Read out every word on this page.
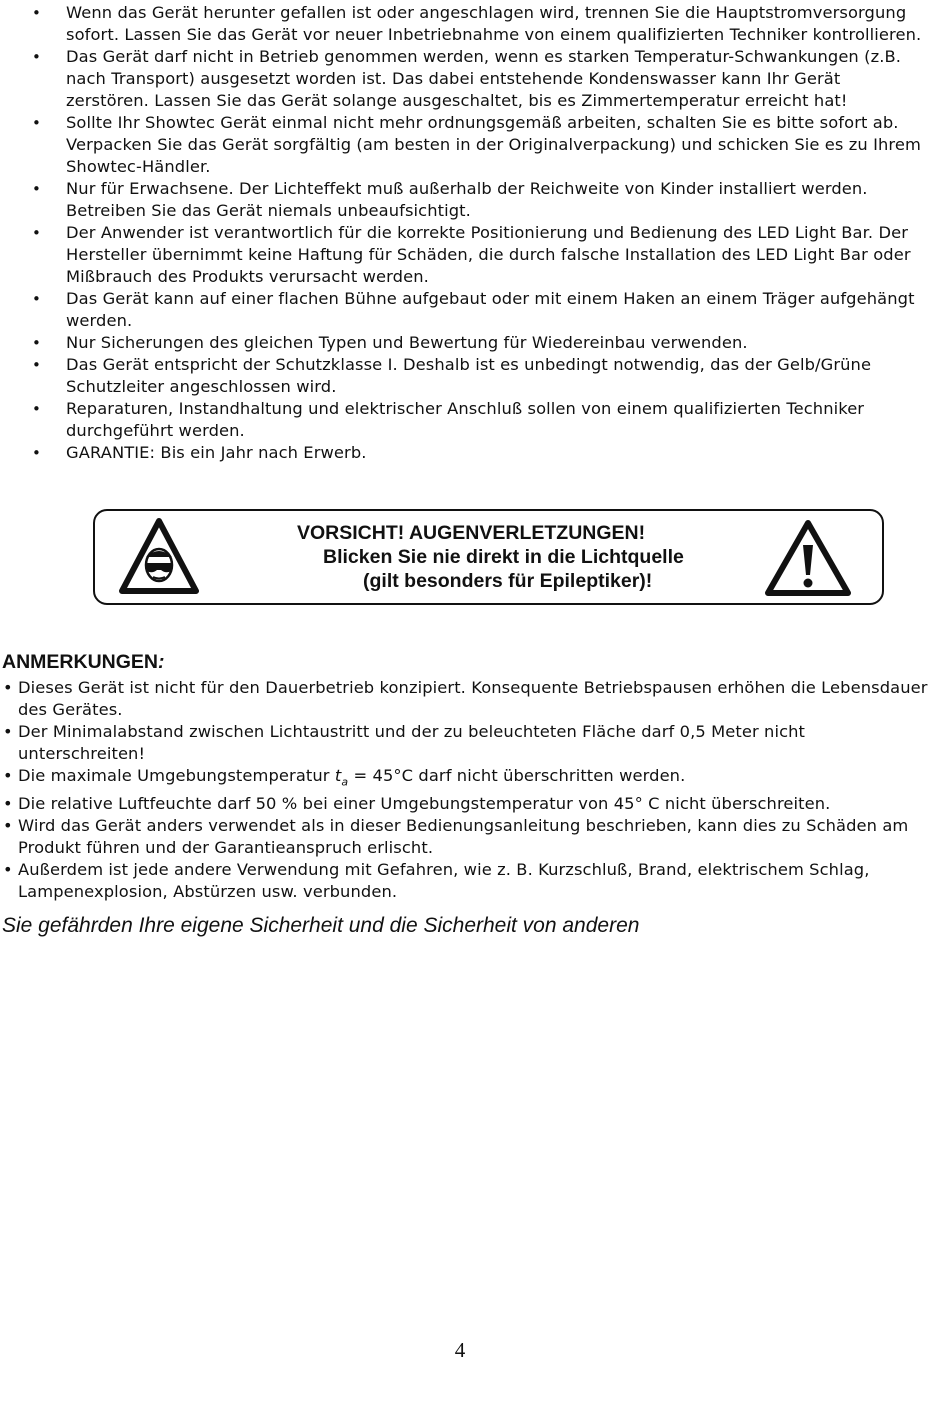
• Wenn das Gerät herunter gefallen ist oder angeschlagen wird, trennen Sie die Hauptstromversorgung sofort. Lassen Sie das Gerät vor neuer Inbetriebnahme von einem qualifizierten Techniker kontrollieren.
• Das Gerät darf nicht in Betrieb genommen werden, wenn es starken Temperatur-Schwankungen (z.B. nach Transport) ausgesetzt worden ist. Das dabei entstehende Kondenswasser kann Ihr Gerät zerstören. Lassen Sie das Gerät solange ausgeschaltet, bis es Zimmertemperatur erreicht hat!
• Sollte Ihr Showtec Gerät einmal nicht mehr ordnungsgemäß arbeiten, schalten Sie es bitte sofort ab. Verpacken Sie das Gerät sorgfältig (am besten in der Originalverpackung) und schicken Sie es zu Ihrem Showtec-Händler.
• Nur für Erwachsene. Der Lichteffekt muß außerhalb der Reichweite von Kinder installiert werden. Betreiben Sie das Gerät niemals unbeaufsichtigt.
• Der Anwender ist verantwortlich für die korrekte Positionierung und Bedienung des LED Light Bar. Der Hersteller übernimmt keine Haftung für Schäden, die durch falsche Installation des LED Light Bar oder Mißbrauch des Produkts verursacht werden.
• Das Gerät kann auf einer flachen Bühne aufgebaut oder mit einem Haken an einem Träger aufgehängt werden.
• Nur Sicherungen des gleichen Typen und Bewertung für Wiedereinbau verwenden.
• Das Gerät entspricht der Schutzklasse I. Deshalb ist es unbedingt notwendig, das der Gelb/Grüne Schutzleiter angeschlossen wird.
• Reparaturen, Instandhaltung und elektrischer Anschluß sollen von einem qualifizierten Techniker durchgeführt werden.
• GARANTIE: Bis ein Jahr nach Erwerb.
VORSICHT! AUGENVERLETZUNGEN!
Blicken Sie nie direkt in die Lichtquelle
(gilt besonders für Epileptiker)!
ANMERKUNGEN:
• Dieses Gerät ist nicht für den Dauerbetrieb konzipiert. Konsequente Betriebspausen erhöhen die Lebensdauer des Gerätes.
• Der Minimalabstand zwischen Lichtaustritt und der zu beleuchteten Fläche darf 0,5 Meter nicht unterschreiten!
• Die maximale Umgebungstemperatur $t_a = 45^\circ C$ darf nicht überschritten werden.
• Die relative Luftfeuchte darf 50 % bei einer Umgebungstemperatur von 45° C nicht überschreiten.
• Wird das Gerät anders verwendet als in dieser Bedienungsanleitung beschrieben, kann dies zu Schäden am Produkt führen und der Garantieanspruch erlischt.
• Außerdem ist jede andere Verwendung mit Gefahren, wie z. B. Kurzschluß, Brand, elektrischem Schlag, Lampenexplosion, Abstürzen usw. verbunden.
Sie gefährden Ihre eigene Sicherheit und die Sicherheit von anderen
4
